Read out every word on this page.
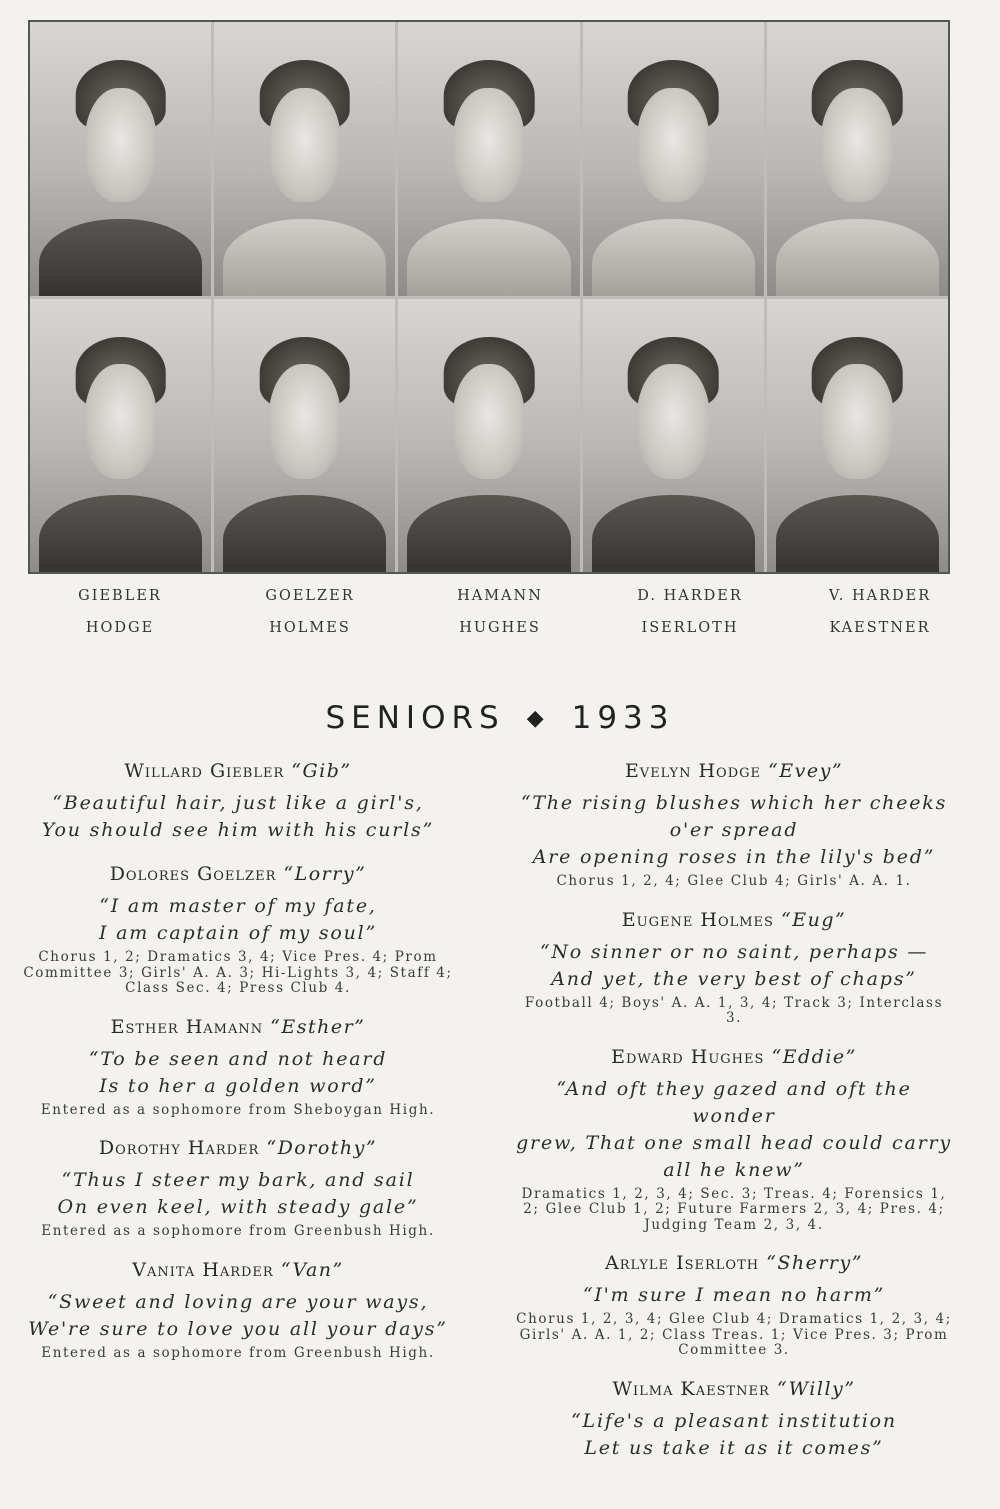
GIEBLER	GOELZER	HAMANN	D. HARDER	V. HARDER
HODGE	HOLMES	HUGHES	ISERLOTH	KAESTNER
SENIORS ◆ 1933
Willard Giebler “Gib”
“Beautiful hair, just like a girl's,
You should see him with his curls”
Dolores Goelzer “Lorry”
“I am master of my fate,
I am captain of my soul”
Chorus 1, 2; Dramatics 3, 4; Vice Pres. 4; Prom Committee 3; Girls' A. A. 3; Hi-Lights 3, 4; Staff 4; Class Sec. 4; Press Club 4.
Esther Hamann “Esther”
“To be seen and not heard
Is to her a golden word”
Entered as a sophomore from Sheboygan High.
Dorothy Harder “Dorothy”
“Thus I steer my bark, and sail
On even keel, with steady gale”
Entered as a sophomore from Greenbush High.
Vanita Harder “Van”
“Sweet and loving are your ways,
We're sure to love you all your days”
Entered as a sophomore from Greenbush High.
Evelyn Hodge “Evey”
“The rising blushes which her cheeks
o'er spread
Are opening roses in the lily's bed”
Chorus 1, 2, 4; Glee Club 4; Girls' A. A. 1.
Eugene Holmes “Eug”
“No sinner or no saint, perhaps —
And yet, the very best of chaps”
Football 4; Boys' A. A. 1, 3, 4; Track 3; Interclass 3.
Edward Hughes “Eddie”
“And oft they gazed and oft the wonder
grew, That one small head could carry
all he knew”
Dramatics 1, 2, 3, 4; Sec. 3; Treas. 4; Forensics 1, 2; Glee Club 1, 2; Future Farmers 2, 3, 4; Pres. 4; Judging Team 2, 3, 4.
Arlyle Iserloth “Sherry”
“I'm sure I mean no harm”
Chorus 1, 2, 3, 4; Glee Club 4; Dramatics 1, 2, 3, 4; Girls' A. A. 1, 2; Class Treas. 1; Vice Pres. 3; Prom Committee 3.
Wilma Kaestner “Willy”
“Life's a pleasant institution
Let us take it as it comes”
